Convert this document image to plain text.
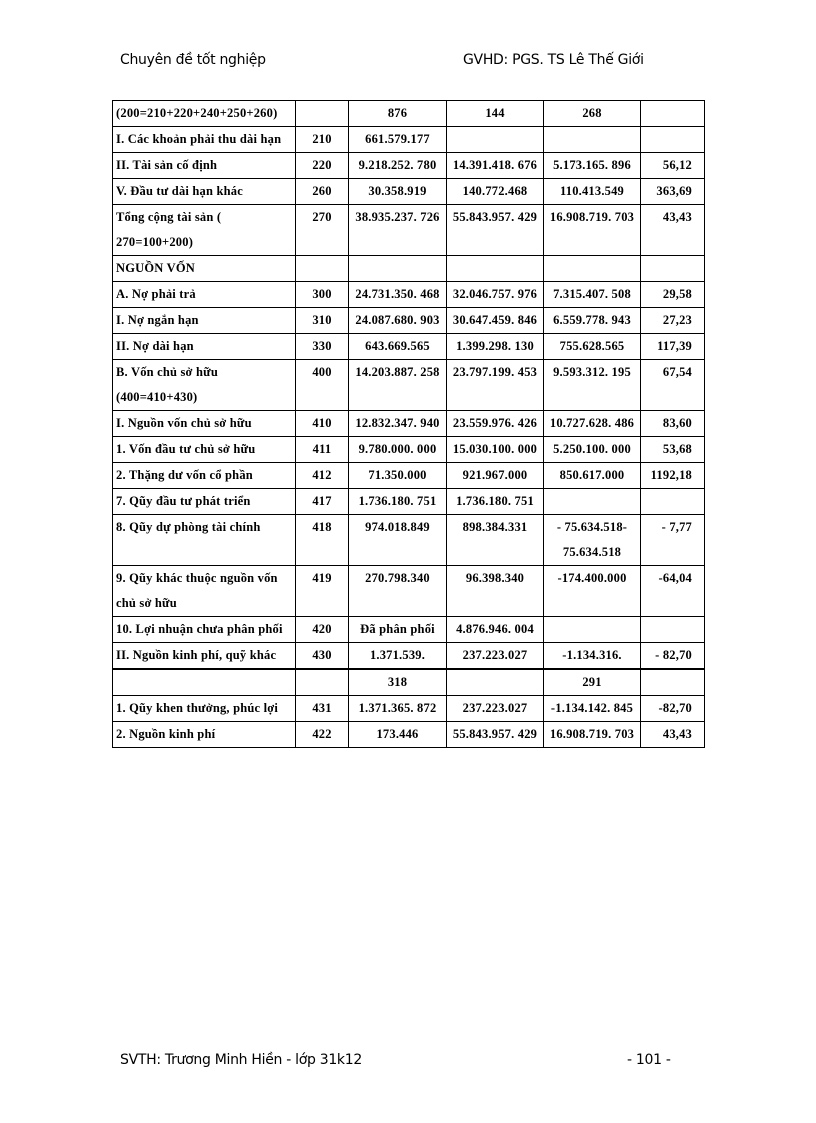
Chuyên đề tốt nghiệp	GVHD: PGS. TS Lê Thế Giới
(200=210+220+240+250+260)		876	144	268	
I. Các khoản phải thu dài hạn	210	661.579.177			
II. Tài sản cố định	220	9.218.252. 780	14.391.418. 676	5.173.165. 896	56,12
V. Đầu tư dài hạn khác	260	30.358.919	140.772.468	110.413.549	363,69
Tổng cộng tài sản ( 270=100+200)	270	38.935.237. 726	55.843.957. 429	16.908.719. 703	43,43
NGUỒN VỐN					
A. Nợ phải trả	300	24.731.350. 468	32.046.757. 976	7.315.407. 508	29,58
I. Nợ ngắn hạn	310	24.087.680. 903	30.647.459. 846	6.559.778. 943	27,23
II. Nợ dài hạn	330	643.669.565	1.399.298. 130	755.628.565	117,39
B. Vốn chủ sở hữu (400=410+430)	400	14.203.887. 258	23.797.199. 453	9.593.312. 195	67,54
I. Nguồn vốn chủ sở hữu	410	12.832.347. 940	23.559.976. 426	10.727.628. 486	83,60
1. Vốn đầu tư chủ sở hữu	411	9.780.000. 000	15.030.100. 000	5.250.100. 000	53,68
2. Thặng dư vốn cổ phần	412	71.350.000	921.967.000	850.617.000	1192,18
7. Qũy đầu tư phát triển	417	1.736.180. 751	1.736.180. 751		
8. Qũy dự phòng tài chính	418	974.018.849	898.384.331	- 75.634.518- 75.634.518	- 7,77
9. Qũy khác thuộc nguồn vốn chủ sở hữu	419	270.798.340	96.398.340	-174.400.000	-64,04
10. Lợi nhuận chưa phân phối	420	Đã phân phối	4.876.946. 004		
II. Nguồn kinh phí, quỹ khác	430	1.371.539.	237.223.027	-1.134.316.	- 82,70
		318		291	
1. Qũy khen thưởng, phúc lợi	431	1.371.365. 872	237.223.027	-1.134.142. 845	-82,70
2. Nguồn kinh phí	422	173.446	55.843.957. 429	16.908.719. 703	43,43
SVTH: Trương Minh Hiền - lớp 31k12	- 101 -
